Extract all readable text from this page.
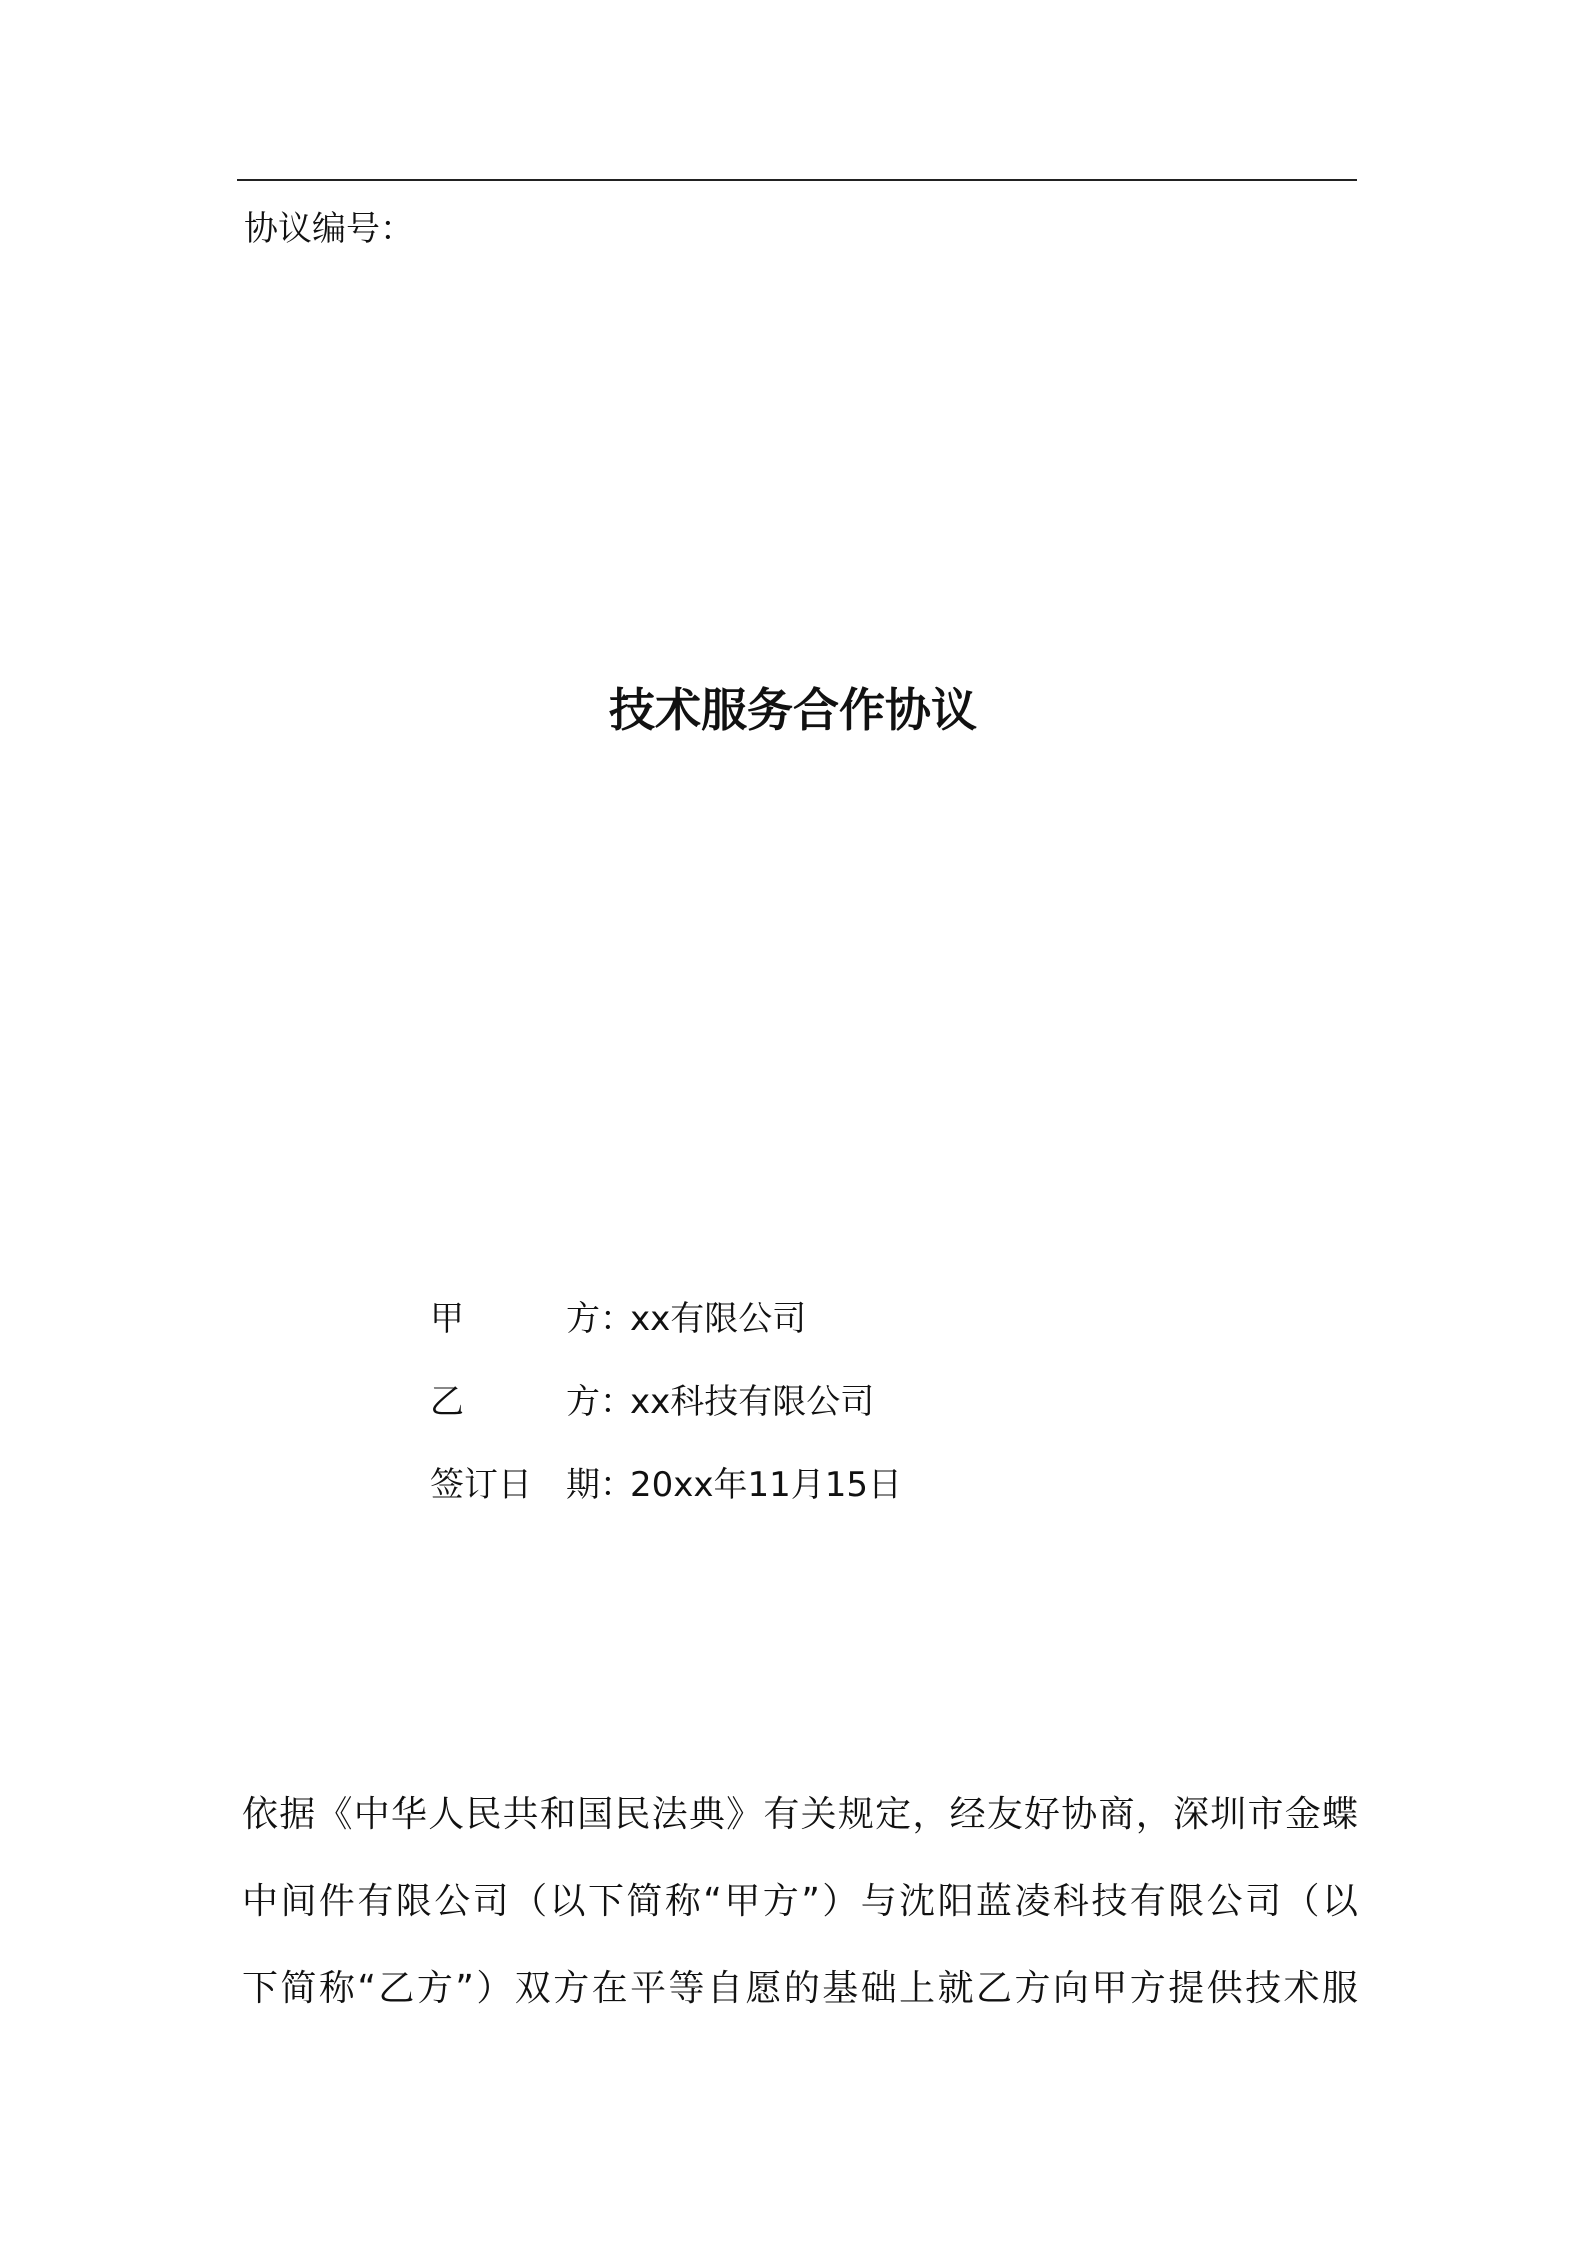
协议编号：
技术服务合作协议
甲	方 ：
xx有限公司
乙	方 ：
xx科技有限公司
签订日 期 ：
20xx年11月15日
依据《中华人民共和国民法典》有关规定，经友好协商，深圳市金蝶
中间件有限公司（以下简称“甲方”）与沈阳蓝凌科技有限公司（以
下简称“乙方”）双方在平等自愿的基础上就乙方向甲方提供技术服
